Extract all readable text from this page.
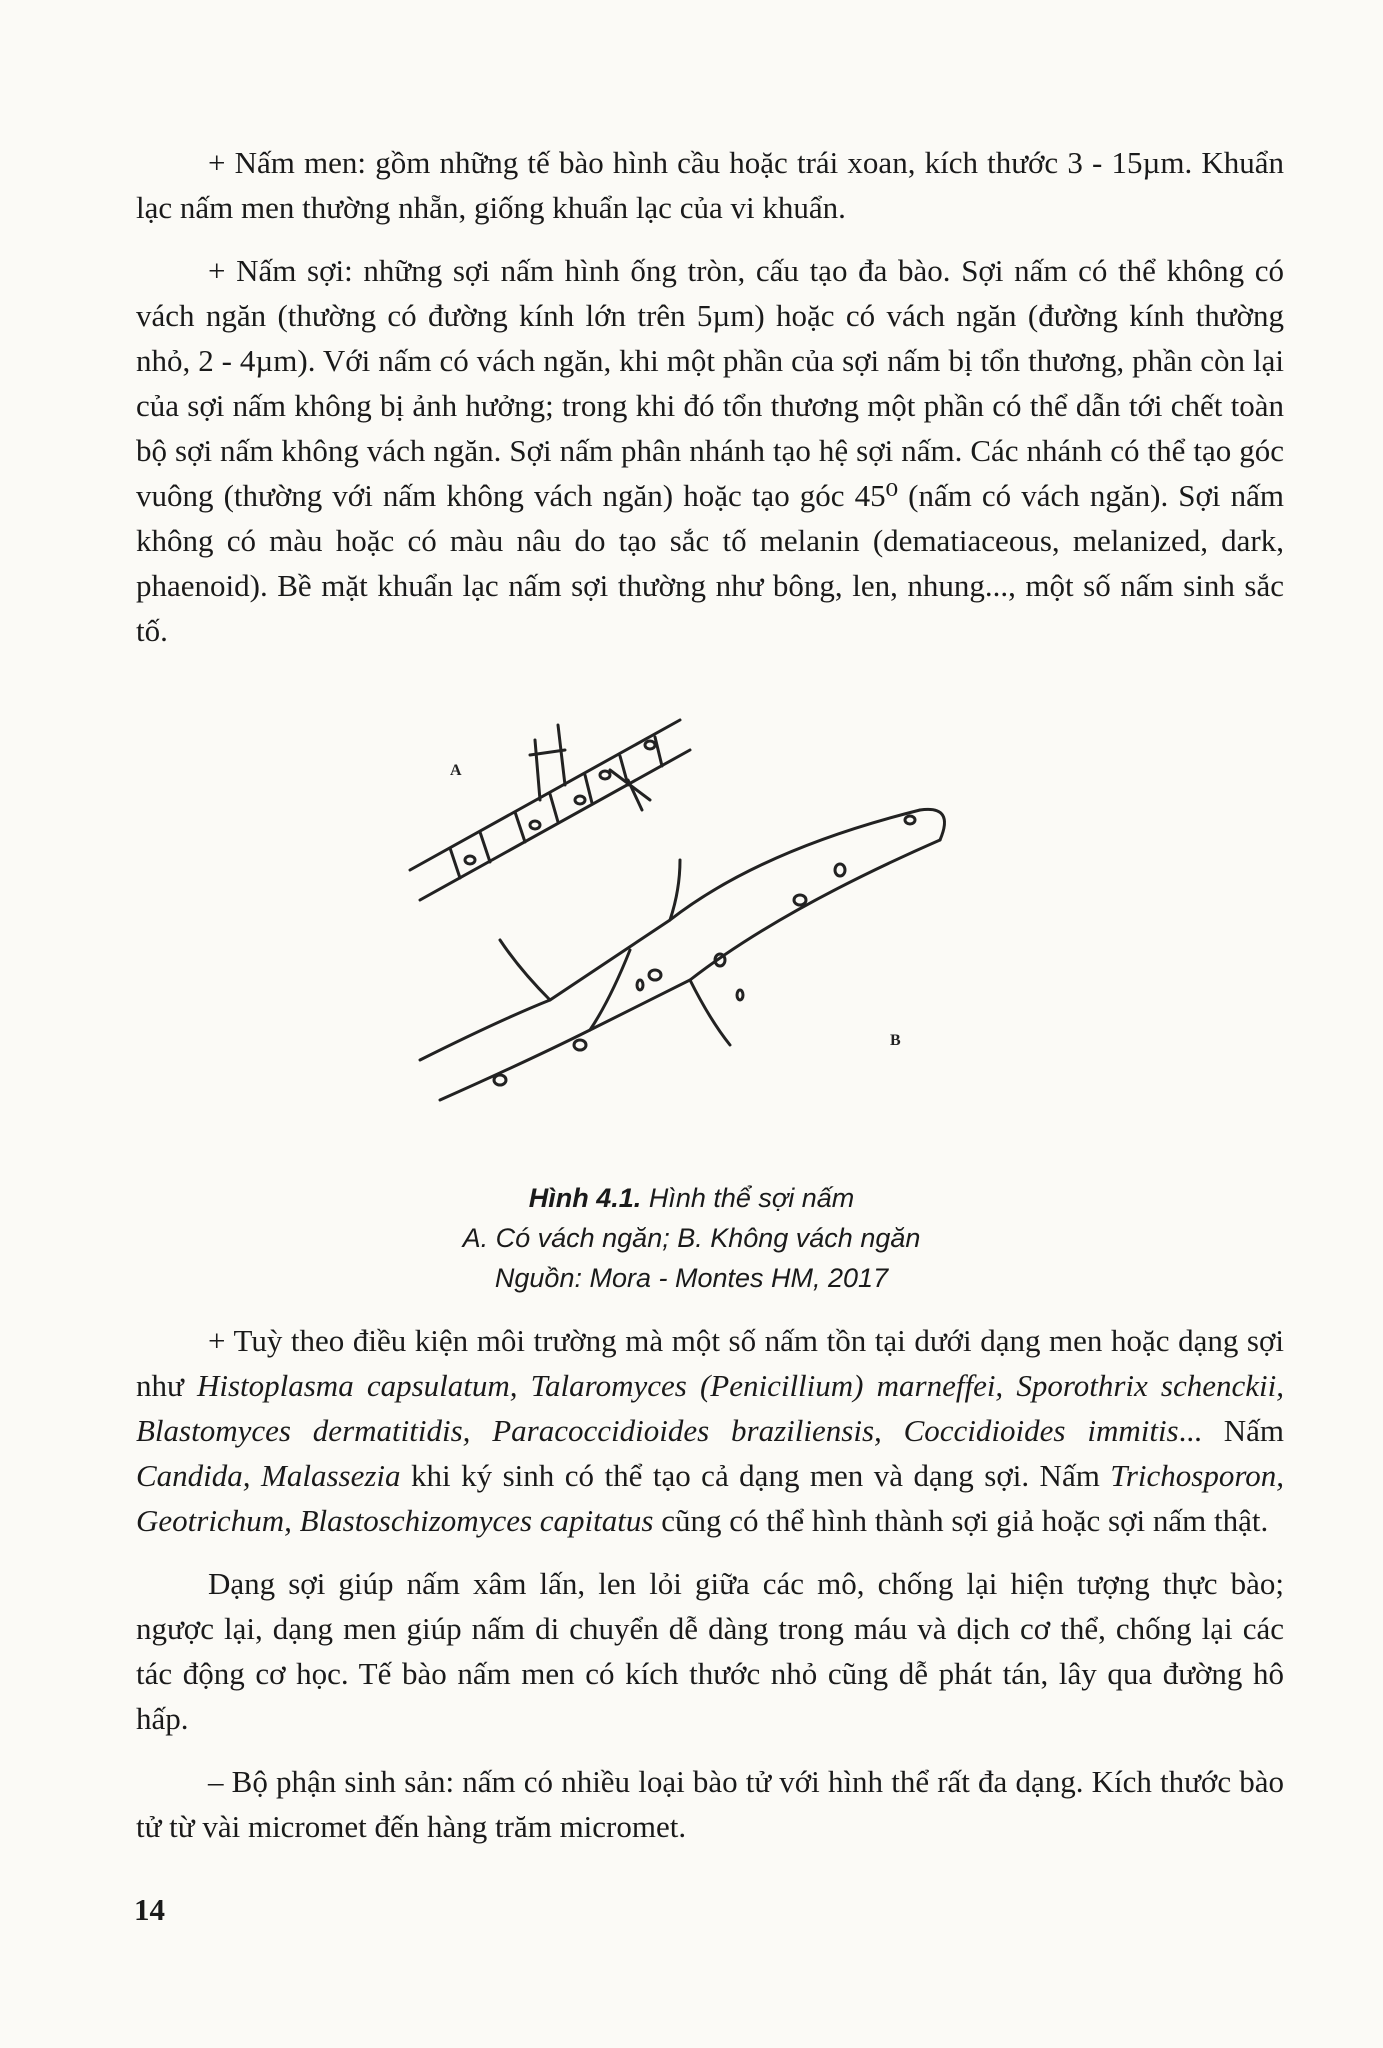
+ Nấm men: gồm những tế bào hình cầu hoặc trái xoan, kích thước 3 - 15µm. Khuẩn lạc nấm men thường nhẵn, giống khuẩn lạc của vi khuẩn.

+ Nấm sợi: những sợi nấm hình ống tròn, cấu tạo đa bào. Sợi nấm có thể không có vách ngăn (thường có đường kính lớn trên 5µm) hoặc có vách ngăn (đường kính thường nhỏ, 2 - 4µm). Với nấm có vách ngăn, khi một phần của sợi nấm bị tổn thương, phần còn lại của sợi nấm không bị ảnh hưởng; trong khi đó tổn thương một phần có thể dẫn tới chết toàn bộ sợi nấm không vách ngăn. Sợi nấm phân nhánh tạo hệ sợi nấm. Các nhánh có thể tạo góc vuông (thường với nấm không vách ngăn) hoặc tạo góc 45⁰ (nấm có vách ngăn). Sợi nấm không có màu hoặc có màu nâu do tạo sắc tố melanin (dematiaceous, melanized, dark, phaenoid). Bề mặt khuẩn lạc nấm sợi thường như bông, len, nhung..., một số nấm sinh sắc tố.

A
B
Hình 4.1. Hình thể sợi nấm
A. Có vách ngăn; B. Không vách ngăn
Nguồn: Mora - Montes HM, 2017

+ Tuỳ theo điều kiện môi trường mà một số nấm tồn tại dưới dạng men hoặc dạng sợi như Histoplasma capsulatum, Talaromyces (Penicillium) marneffei, Sporothrix schenckii, Blastomyces dermatitidis, Paracoccidioides braziliensis, Coccidioides immitis... Nấm Candida, Malassezia khi ký sinh có thể tạo cả dạng men và dạng sợi. Nấm Trichosporon, Geotrichum, Blastoschizomyces capitatus cũng có thể hình thành sợi giả hoặc sợi nấm thật.

Dạng sợi giúp nấm xâm lấn, len lỏi giữa các mô, chống lại hiện tượng thực bào; ngược lại, dạng men giúp nấm di chuyển dễ dàng trong máu và dịch cơ thể, chống lại các tác động cơ học. Tế bào nấm men có kích thước nhỏ cũng dễ phát tán, lây qua đường hô hấp.

– Bộ phận sinh sản: nấm có nhiều loại bào tử với hình thể rất đa dạng. Kích thước bào tử từ vài micromet đến hàng trăm micromet.

14
